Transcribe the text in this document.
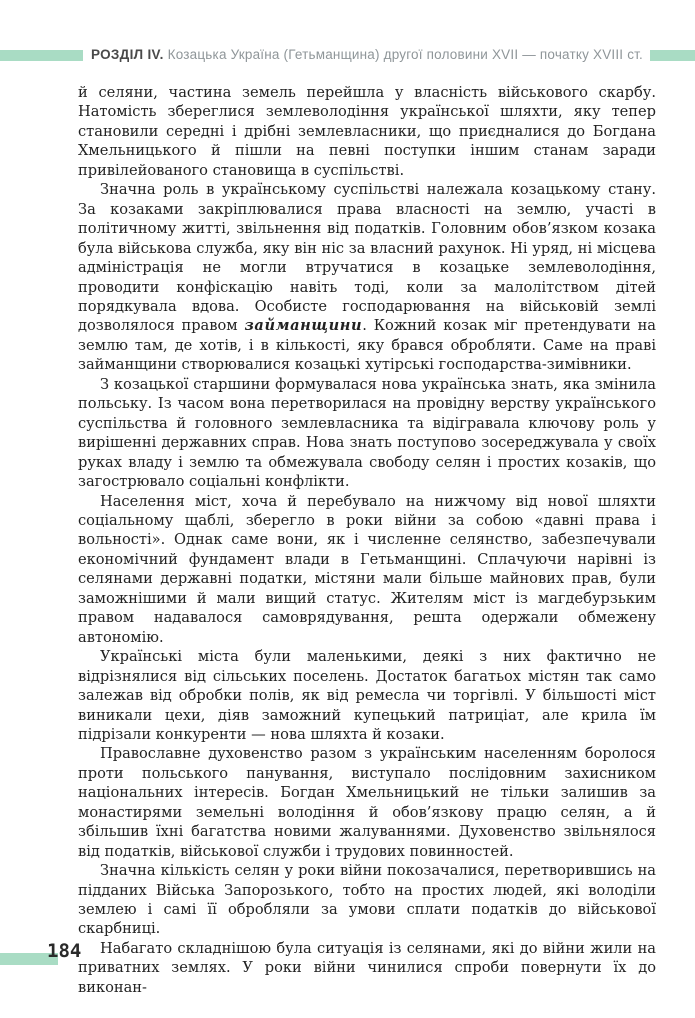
РОЗДІЛ IV. Козацька Україна (Гетьманщина) другої половини XVII — початку XVIII ст.

й селяни, частина земель перейшла у власність військового скарбу. Натомість збереглися землеволодіння української шляхти, яку тепер становили середні і дрібні землевласники, що приєдналися до Богдана Хмельницького й пішли на певні поступки іншим станам заради привілейованого становища в суспільстві.

Значна роль в українському суспільстві належала козацькому стану. За козаками закріплювалися права власності на землю, участі в політичному житті, звільнення від податків. Головним обов’язком козака була військова служба, яку він ніс за власний рахунок. Ні уряд, ні місцева адміністрація не могли втручатися в козацьке землеволодіння, проводити конфіскацію навіть тоді, коли за малолітством дітей порядкувала вдова. Особисте господарювання на військовій землі дозволялося правом займанщини. Кожний козак міг претендувати на землю там, де хотів, і в кількості, яку брався обробляти. Саме на праві займанщини створювалися козацькі хутірські господарства-зимівники.

З козацької старшини формувалася нова українська знать, яка змінила польську. Із часом вона перетворилася на провідну верству українського суспільства й головного землевласника та відігравала ключову роль у вирішенні державних справ. Нова знать поступово зосереджувала у своїх руках владу і землю та обмежувала свободу селян і простих козаків, що загострювало соціальні конфлікти.

Населення міст, хоча й перебувало на нижчому від нової шляхти соціальному щаблі, зберегло в роки війни за собою «давні права і вольності». Однак саме вони, як і численне селянство, забезпечували економічний фундамент влади в Гетьманщині. Сплачуючи нарівні із селянами державні податки, містяни мали більше майнових прав, були заможнішими й мали вищий статус. Жителям міст із магдебурзьким правом надавалося самоврядування, решта одержали обмежену автономію.

Українські міста були маленькими, деякі з них фактично не відрізнялися від сільських поселень. Достаток багатьох містян так само залежав від обробки полів, як від ремесла чи торгівлі. У більшості міст виникали цехи, діяв заможний купецький патриціат, але крила їм підрізали конкуренти — нова шляхта й козаки.

Православне духовенство разом з українським населенням боролося проти польського панування, виступало послідовним захисником національних інтересів. Богдан Хмельницький не тільки залишив за монастирями земельні володіння й обов’язкову працю селян, а й збільшив їхні багатства новими жалуваннями. Духовенство звільнялося від податків, військової служби і трудових повинностей.

Значна кількість селян у роки війни покозачалися, перетворившись на підданих Війська Запорозького, тобто на простих людей, які володіли землею і самі її обробляли за умови сплати податків до військової скарбниці.

Набагато складнішою була ситуація із селянами, які до війни жили на приватних землях. У роки війни чинилися спроби повернути їх до виконан-

184
